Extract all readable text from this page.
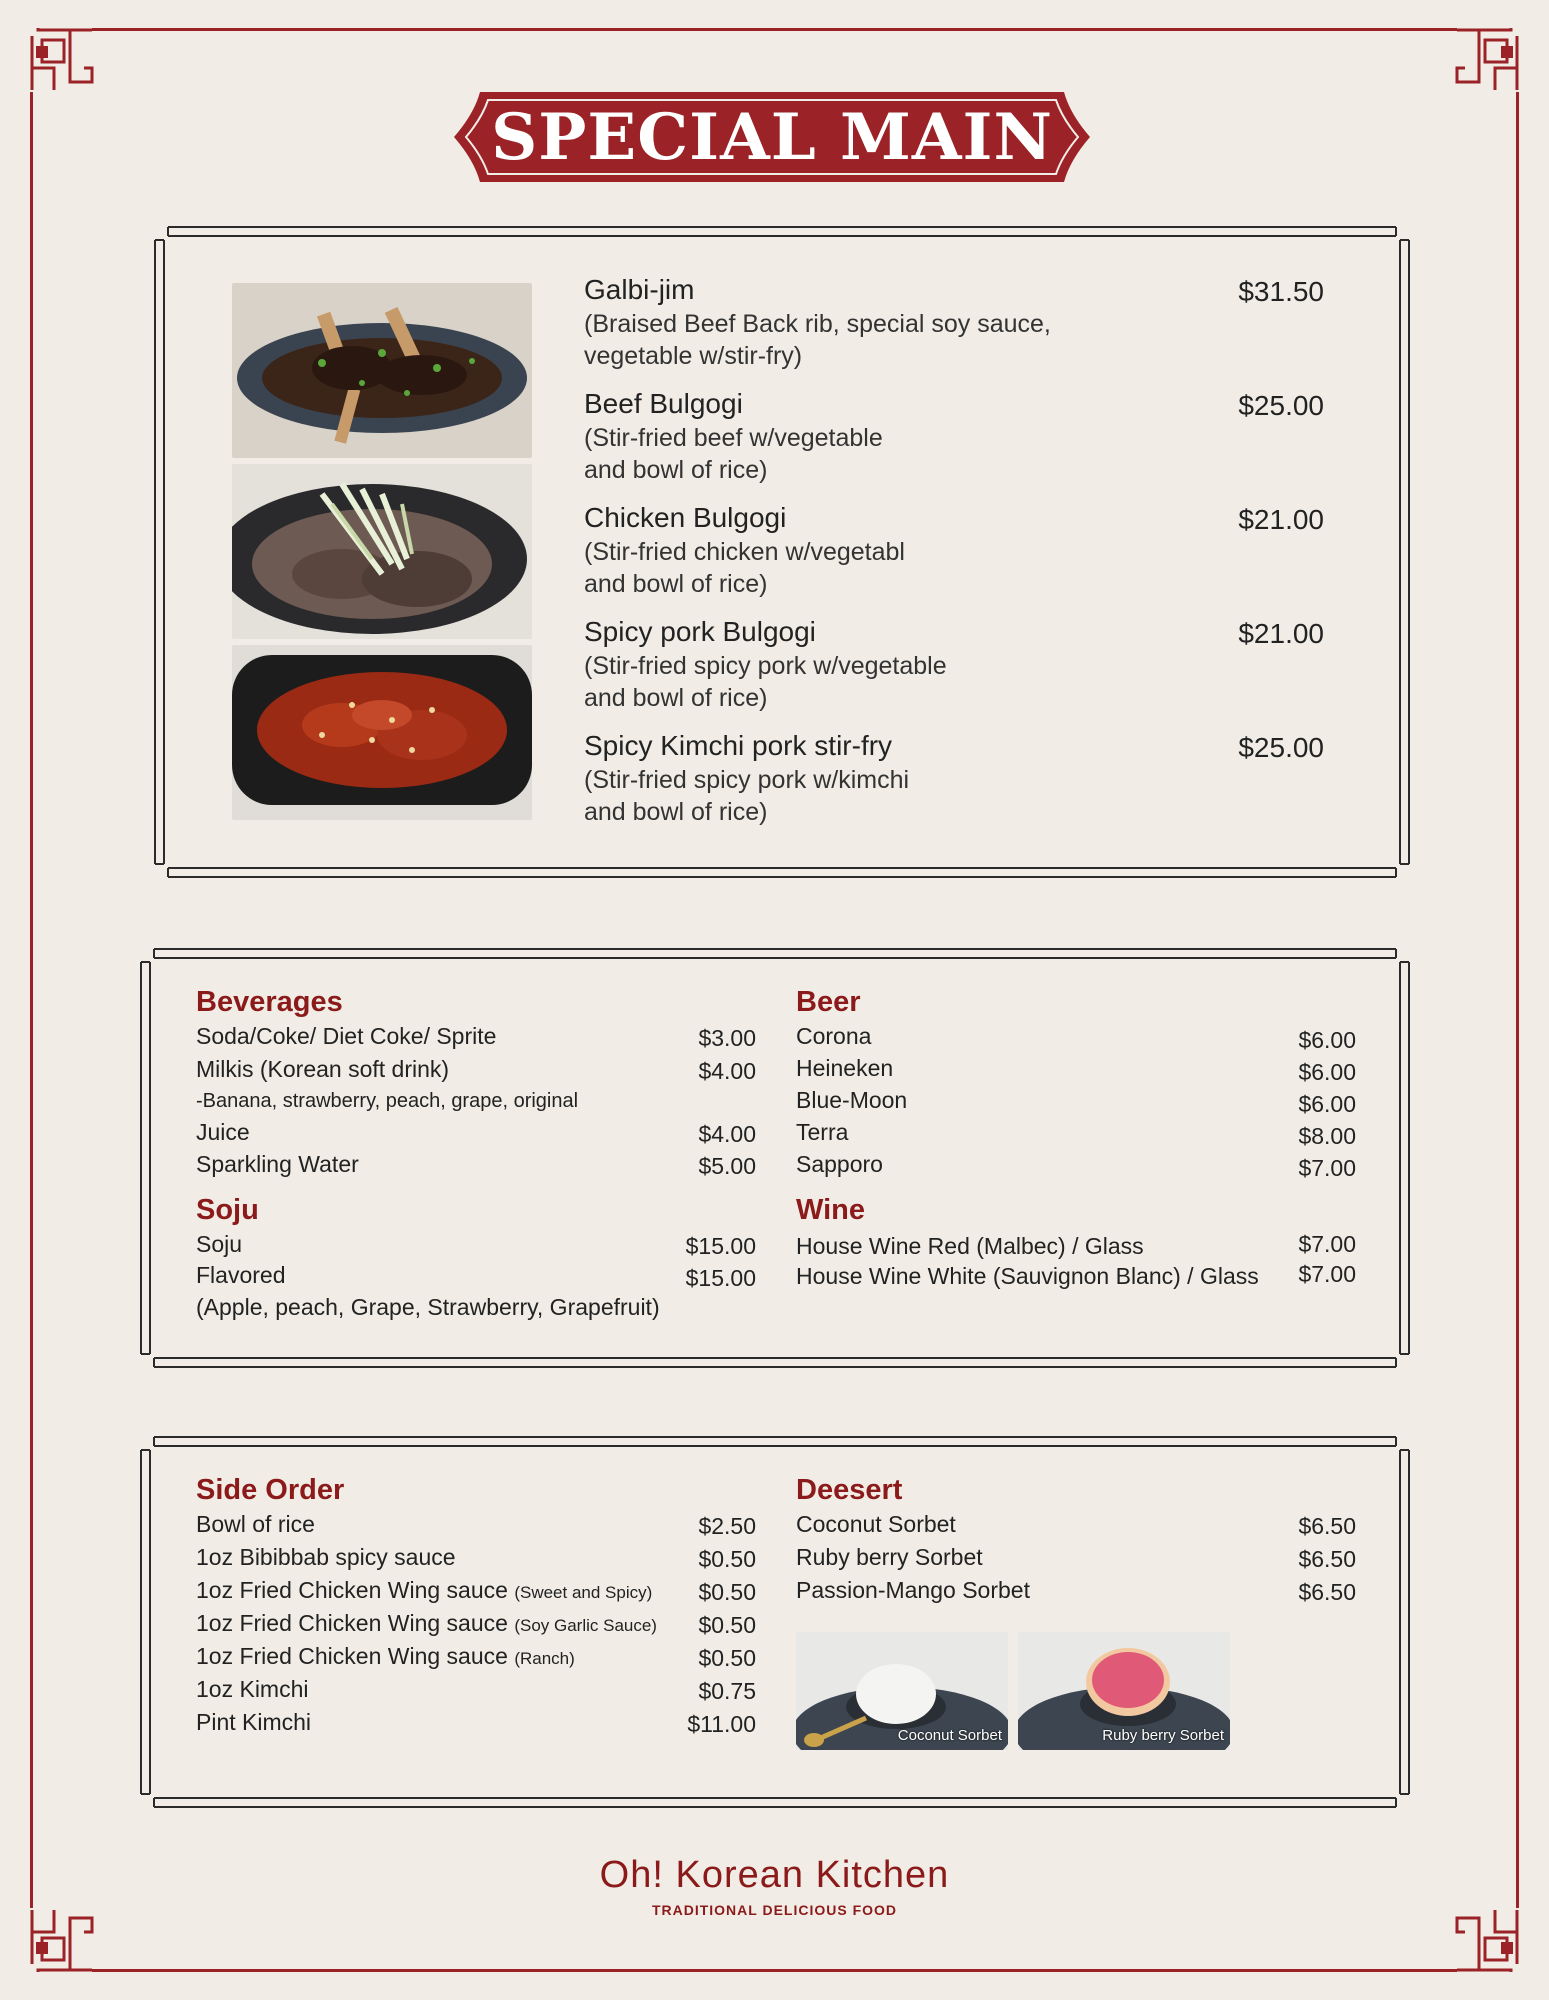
SPECIAL MAIN
Galbi-jim
(Braised Beef Back rib, special soy sauce,
vegetable w/stir-fry)
$31.50
Beef Bulgogi
(Stir-fried beef w/vegetable
and bowl of rice)
$25.00
Chicken Bulgogi
(Stir-fried chicken w/vegetabl
and bowl of rice)
$21.00
Spicy pork Bulgogi
(Stir-fried spicy pork w/vegetable
and bowl of rice)
$21.00
Spicy Kimchi pork stir-fry
(Stir-fried spicy pork w/kimchi
and bowl of rice)
$25.00
Beverages
Soda/Coke/ Diet Coke/ Sprite	$3.00
Milkis (Korean soft drink)	$4.00
-Banana, strawberry, peach, grape, original
Juice	$4.00
Sparkling Water	$5.00
Soju
Soju	$15.00
Flavored	$15.00
(Apple, peach, Grape, Strawberry, Grapefruit)
Beer
Corona	$6.00
Heineken	$6.00
Blue-Moon	$6.00
Terra	$8.00
Sapporo	$7.00
Wine
House Wine Red (Malbec) / Glass	$7.00
House Wine White (Sauvignon Blanc) / Glass	$7.00
Side Order
Bowl of rice	$2.50
1oz Bibibbab spicy sauce	$0.50
1oz Fried Chicken Wing sauce (Sweet and Spicy)	$0.50
1oz Fried Chicken Wing sauce (Soy Garlic Sauce)	$0.50
1oz Fried Chicken Wing sauce (Ranch)	$0.50
1oz Kimchi	$0.75
Pint Kimchi	$11.00
Deesert
Coconut Sorbet	$6.50
Ruby berry Sorbet	$6.50
Passion-Mango Sorbet	$6.50
Coconut Sorbet	Ruby berry Sorbet
Oh! Korean Kitchen
TRADITIONAL DELICIOUS FOOD
